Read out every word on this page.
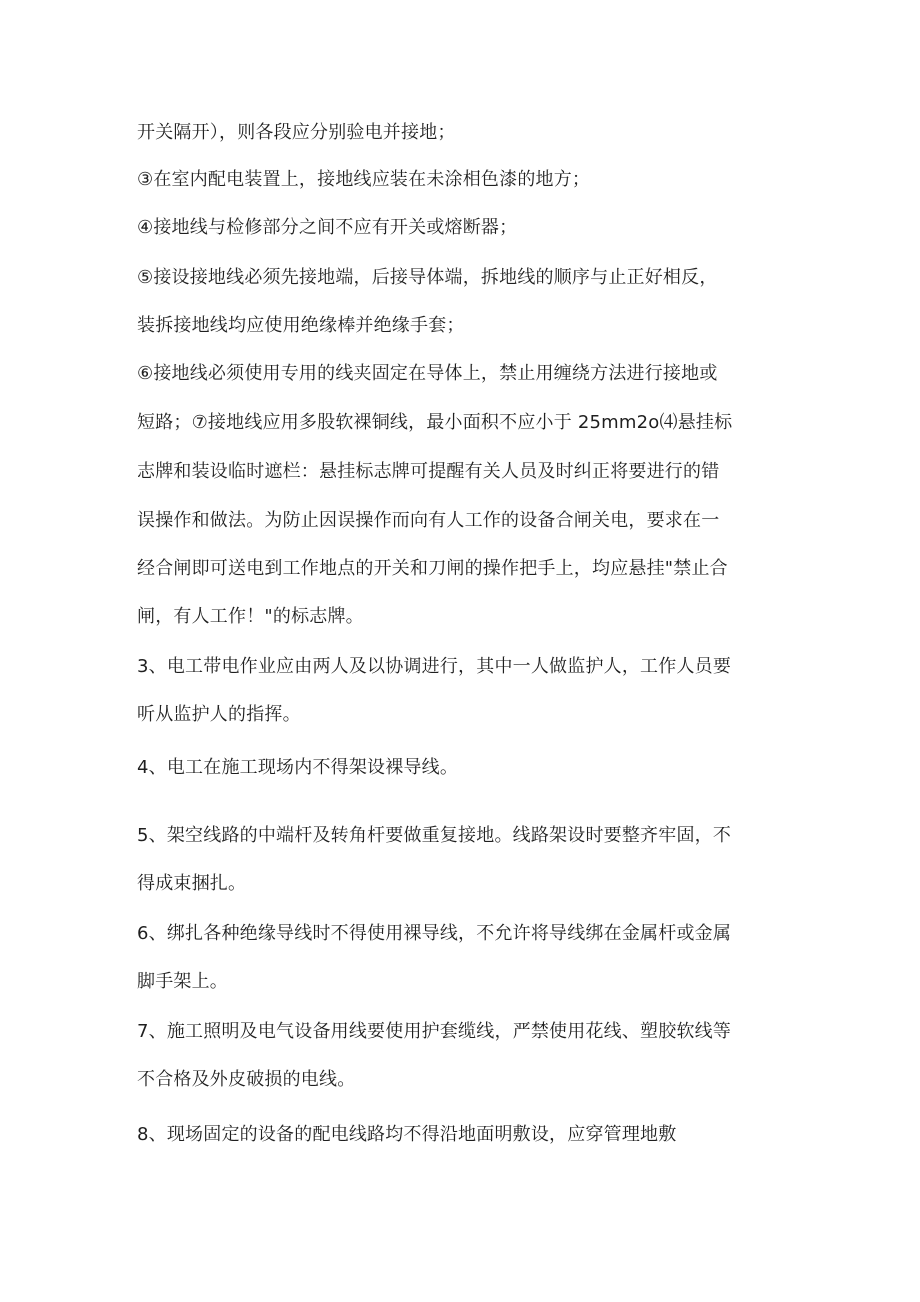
开关隔开），则各段应分别验电并接地；
③在室内配电装置上，接地线应装在未涂相色漆的地方；
④接地线与检修部分之间不应有开关或熔断器；
⑤接设接地线必须先接地端，后接导体端，拆地线的顺序与止正好相反，
装拆接地线均应使用绝缘棒并绝缘手套；
⑥接地线必须使用专用的线夹固定在导体上，禁止用缠绕方法进行接地或
短路；⑦接地线应用多股软裸铜线，最小面积不应小于 25mm2o⑷悬挂标
志牌和装设临时遮栏：悬挂标志牌可提醒有关人员及时纠正将要进行的错
误操作和做法。为防止因误操作而向有人工作的设备合闸关电，要求在一
经合闸即可送电到工作地点的开关和刀闸的操作把手上，均应悬挂"禁止合
闸，有人工作！"的标志牌。
3、电工带电作业应由两人及以协调进行，其中一人做监护人，工作人员要
听从监护人的指挥。
4、电工在施工现场内不得架设裸导线。
5、架空线路的中端杆及转角杆要做重复接地。线路架设时要整齐牢固，不
得成束捆扎。
6、绑扎各种绝缘导线时不得使用裸导线，不允许将导线绑在金属杆或金属
脚手架上。
7、施工照明及电气设备用线要使用护套缆线，严禁使用花线、塑胶软线等
不合格及外皮破损的电线。
8、现场固定的设备的配电线路均不得沿地面明敷设，应穿管理地敷
